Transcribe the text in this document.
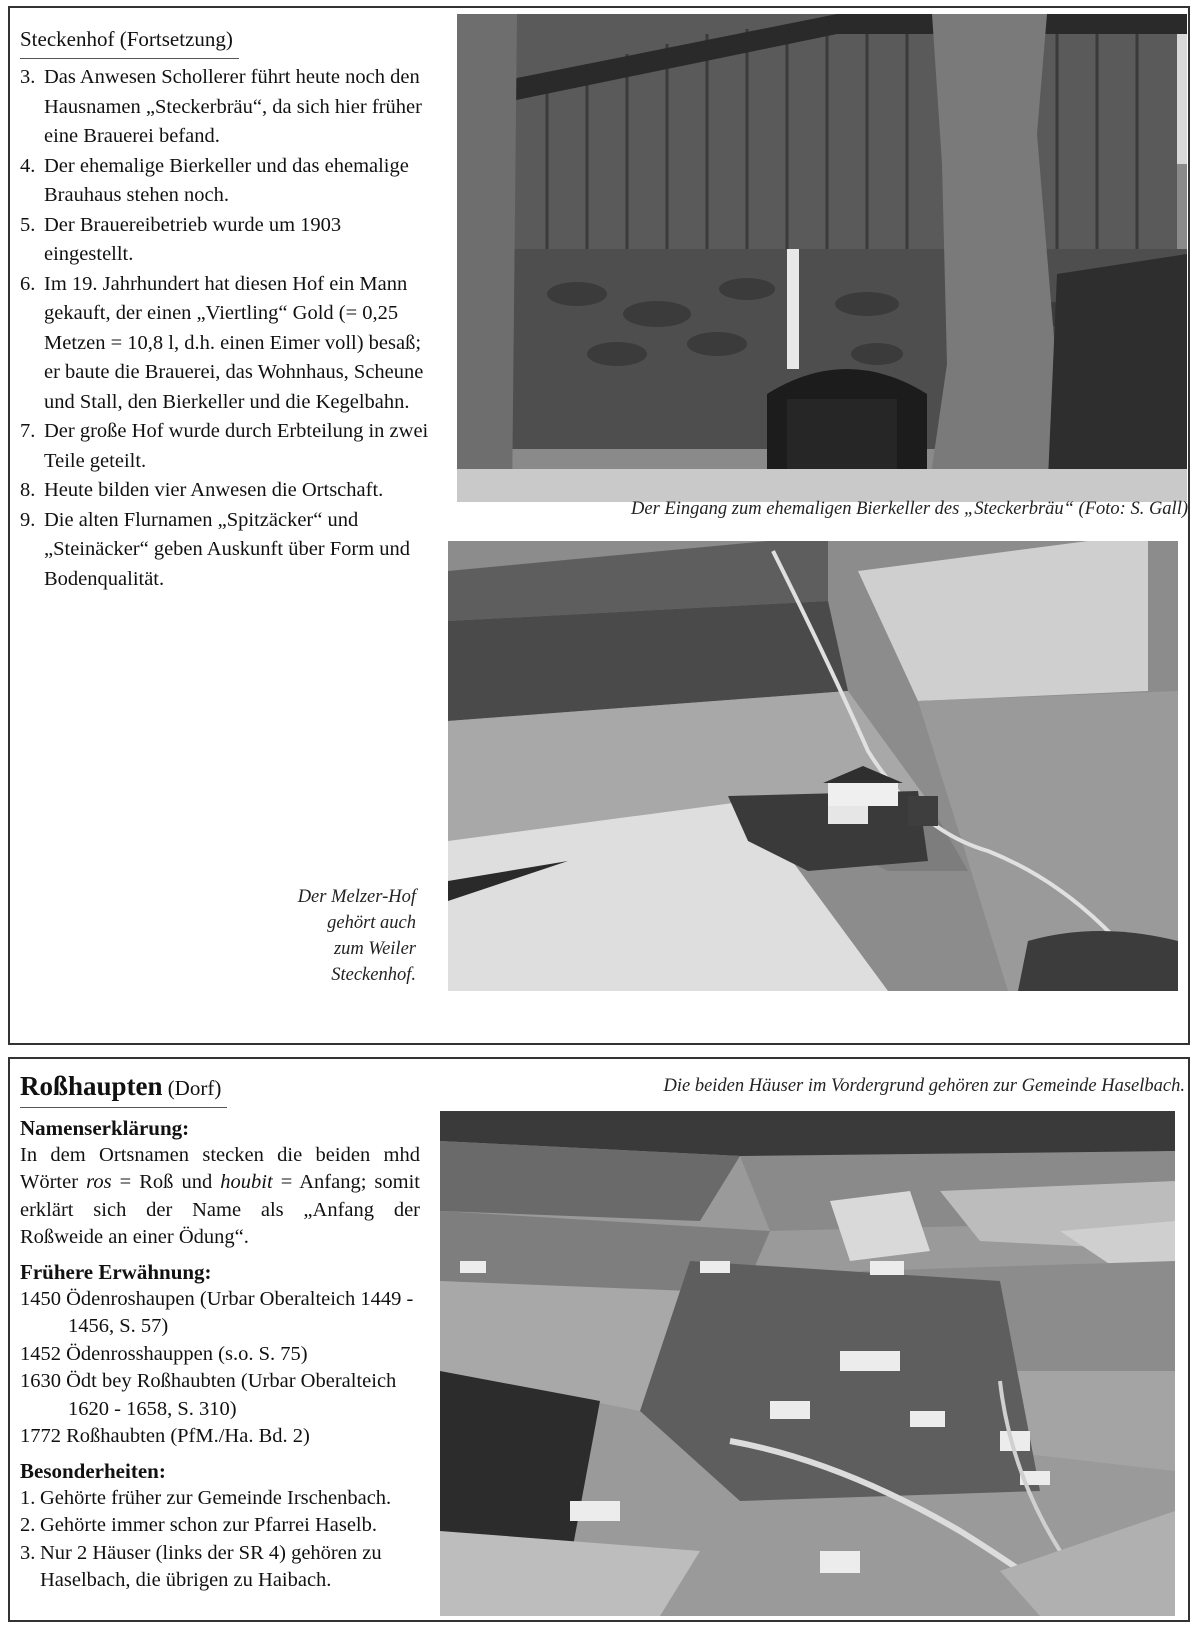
Steckenhof (Fortsetzung)
3. Das Anwesen Schollerer führt heute noch den Hausnamen „Steckerbräu“, da sich hier früher eine Brauerei befand.
4. Der ehemalige Bierkeller und das ehemalige Brauhaus stehen noch.
5. Der Brauereibetrieb wurde um 1903 eingestellt.
6. Im 19. Jahrhundert hat diesen Hof ein Mann gekauft, der einen „Viertling“ Gold (= 0,25 Metzen = 10,8 l, d.h. einen Eimer voll) besaß; er baute die Brauerei, das Wohnhaus, Scheune und Stall, den Bierkeller und die Kegelbahn.
7. Der große Hof wurde durch Erbteilung in zwei Teile geteilt.
8. Heute bilden vier Anwesen die Ortschaft.
9. Die alten Flurnamen „Spitzäcker“ und „Steinäcker“ geben Auskunft über Form und Bodenqualität.
Der Eingang zum ehemaligen Bierkeller des „Steckerbräu“ (Foto: S. Gall)
Der Melzer-Hof
gehört auch
zum Weiler
Steckenhof.
Roßhaupten (Dorf)
Namenserklärung:
In dem Ortsnamen stecken die beiden mhd Wörter ros = Roß und houbit = Anfang; somit erklärt sich der Name als „Anfang der Roßweide an einer Ödung“.
Frühere Erwähnung:
1450 Ödenroshaupen (Urbar Oberalteich 1449 - 1456, S. 57)
1452 Ödenrosshauppen (s.o. S. 75)
1630 Ödt bey Roßhaubten (Urbar Oberalteich 1620 - 1658, S. 310)
1772 Roßhaubten (PfM./Ha. Bd. 2)
Besonderheiten:
1. Gehörte früher zur Gemeinde Irschenbach.
2. Gehörte immer schon zur Pfarrei Haselb.
3. Nur 2 Häuser (links der SR 4) gehören zu Haselbach, die übrigen zu Haibach.
Die beiden Häuser im Vordergrund gehören zur Gemeinde Haselbach.
